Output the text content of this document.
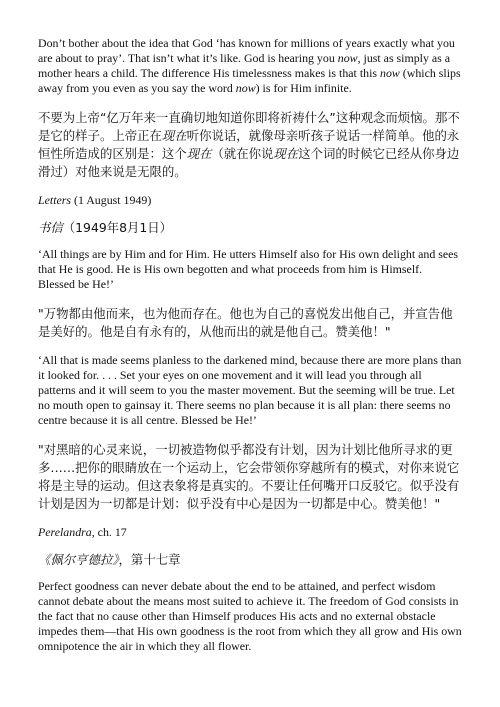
Don’t bother about the idea that God ‘has known for millions of years exactly what you are about to pray’. That isn’t what it’s like. God is hearing you now, just as simply as a mother hears a child. The difference His timelessness makes is that this now (which slips away from you even as you say the word now) is for Him infinite.

不要为上帝“亿万年来一直确切地知道你即将祈祷什么”这种观念而烦恼。那不是它的样子。上帝正在现在听你说话，就像母亲听孩子说话一样简单。他的永恒性所造成的区别是：这个现在（就在你说现在这个词的时候它已经从你身边滑过）对他来说是无限的。

Letters (1 August 1949)

书信（1949年8月1日）

‘All things are by Him and for Him. He utters Himself also for His own delight and sees that He is good. He is His own begotten and what proceeds from him is Himself. Blessed be He!’

"万物都由他而来，也为他而存在。他也为自己的喜悦发出他自己，并宣告他是美好的。他是自有永有的，从他而出的就是他自己。赞美他！"

‘All that is made seems planless to the darkened mind, because there are more plans than it looked for. . . . Set your eyes on one movement and it will lead you through all patterns and it will seem to you the master movement. But the seeming will be true. Let no mouth open to gainsay it. There seems no plan because it is all plan: there seems no centre because it is all centre. Blessed be He!’

"对黑暗的心灵来说，一切被造物似乎都没有计划，因为计划比他所寻求的更多……把你的眼睛放在一个运动上，它会带领你穿越所有的模式，对你来说它将是主导的运动。但这表象将是真实的。不要让任何嘴开口反驳它。似乎没有计划是因为一切都是计划：似乎没有中心是因为一切都是中心。赞美他！"

Perelandra, ch. 17

《佩尔亨德拉》，第十七章

Perfect goodness can never debate about the end to be attained, and perfect wisdom cannot debate about the means most suited to achieve it. The freedom of God consists in the fact that no cause other than Himself produces His acts and no external obstacle impedes them—that His own goodness is the root from which they all grow and His own omnipotence the air in which they all flower.
